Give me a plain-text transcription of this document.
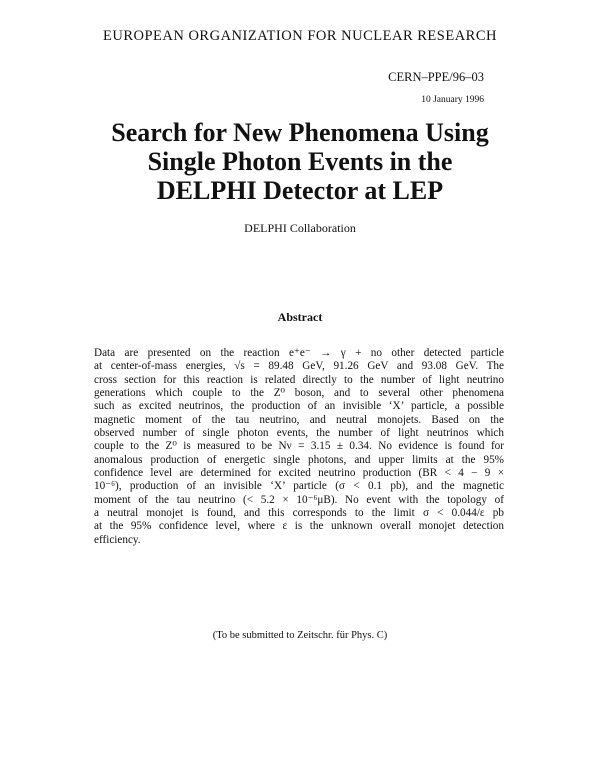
EUROPEAN ORGANIZATION FOR NUCLEAR RESEARCH
CERN–PPE/96–03
10 January 1996
Search for New Phenomena Using
Single Photon Events in the
DELPHI Detector at LEP
DELPHI Collaboration
Abstract
Data are presented on the reaction e⁺e⁻ → γ + no other detected particle
at center-of-mass energies, √s = 89.48 GeV, 91.26 GeV and 93.08 GeV. The
cross section for this reaction is related directly to the number of light neutrino
generations which couple to the Z⁰ boson, and to several other phenomena
such as excited neutrinos, the production of an invisible ‘X’ particle, a possible
magnetic moment of the tau neutrino, and neutral monojets. Based on the
observed number of single photon events, the number of light neutrinos which
couple to the Z⁰ is measured to be Nν = 3.15 ± 0.34. No evidence is found for
anomalous production of energetic single photons, and upper limits at the 95%
confidence level are determined for excited neutrino production (BR < 4 − 9 ×
10⁻⁶), production of an invisible ‘X’ particle (σ < 0.1 pb), and the magnetic
moment of the tau neutrino (< 5.2 × 10⁻⁶μB). No event with the topology of
a neutral monojet is found, and this corresponds to the limit σ < 0.044/ε pb
at the 95% confidence level, where ε is the unknown overall monojet detection
efficiency.
(To be submitted to Zeitschr. für Phys. C)
